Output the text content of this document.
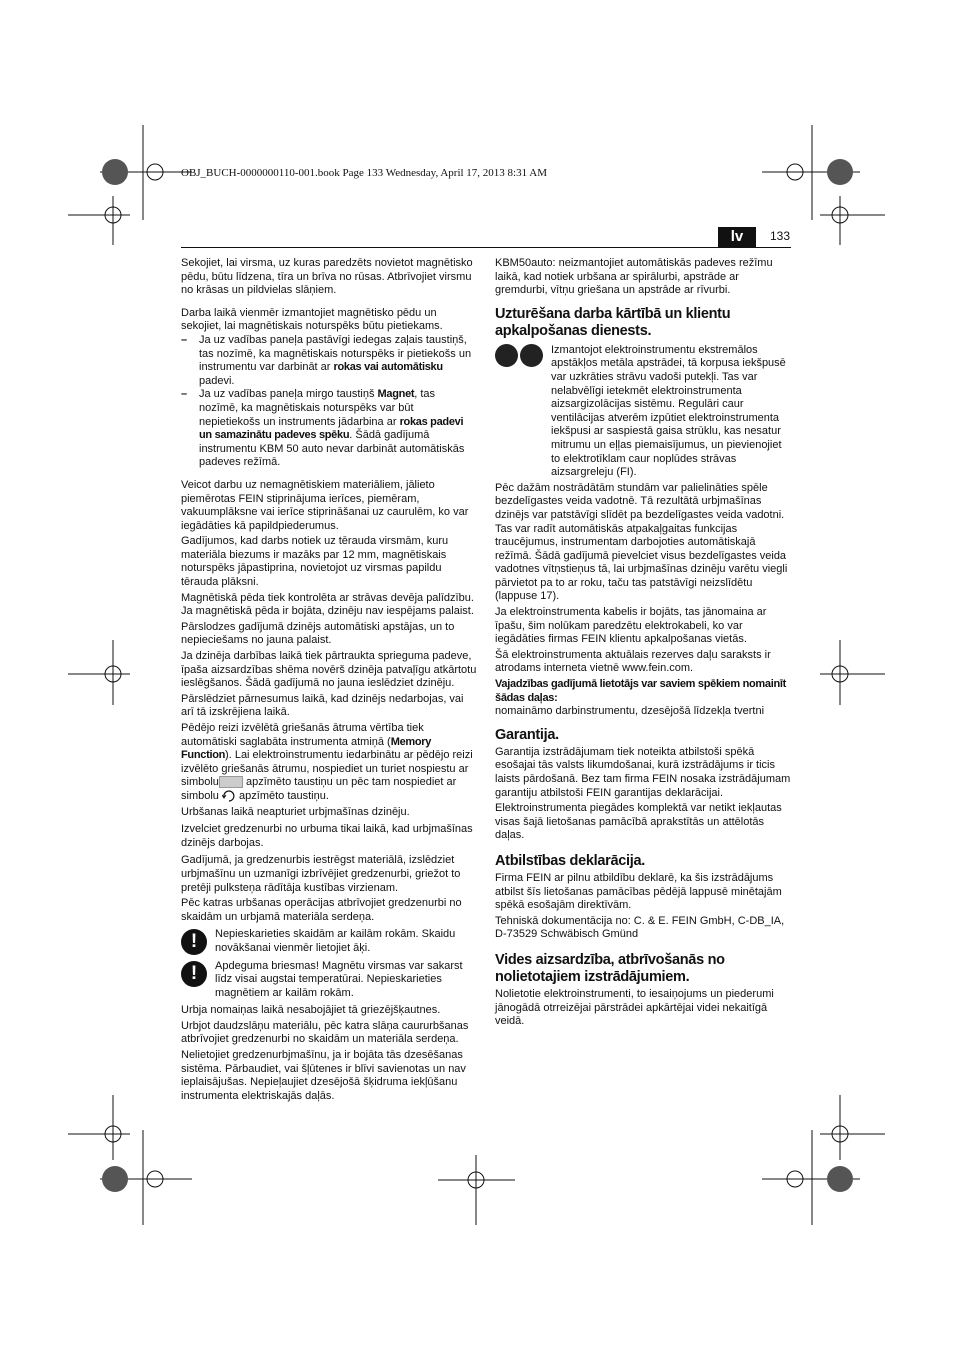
OBJ_BUCH-0000000110-001.book Page 133 Wednesday, April 17, 2013 8:31 AM
lv	133

Sekojiet, lai virsma, uz kuras paredzēts novietot magnētisko pēdu, būtu līdzena, tīra un brīva no rūsas. Atbrīvojiet virsmu no krāsas un pildvielas slāņiem.

Darba laikā vienmēr izmantojiet magnētisko pēdu un sekojiet, lai magnētiskais noturspēks būtu pietiekams.

– Ja uz vadības paneļa pastāvīgi iedegas zaļais taustiņš, tas nozīmē, ka magnētiskais noturspēks ir pietiekošs un instrumentu var darbināt ar rokas vai automātisku padevi.

– Ja uz vadības paneļa mirgo taustiņš Magnet, tas nozīmē, ka magnētiskais noturspēks var būt nepietiekošs un instruments jādarbina ar rokas padevi un samazinātu padeves spēku. Šādā gadījumā instrumentu KBM 50 auto nevar darbināt automātiskās padeves režīmā.

Veicot darbu uz nemagnētiskiem materiāliem, jālieto piemērotas FEIN stiprinājuma ierīces, piemēram, vakuumplāksne vai ierīce stiprināšanai uz caurulēm, ko var iegādāties kā papildpiederumus.

Gadījumos, kad darbs notiek uz tērauda virsmām, kuru materiāla biezums ir mazāks par 12 mm, magnētiskais noturspēks jāpastiprina, novietojot uz virsmas papildu tērauda plāksni.

Magnētiskā pēda tiek kontrolēta ar strāvas devēja palīdzību. Ja magnētiskā pēda ir bojāta, dzinēju nav iespējams palaist.

Pārslodzes gadījumā dzinējs automātiski apstājas, un to nepieciešams no jauna palaist.

Ja dzinēja darbības laikā tiek pārtraukta sprieguma padeve, īpaša aizsardzības shēma novērš dzinēja patvaļīgu atkārtotu ieslēgšanos. Šādā gadījumā no jauna ieslēdziet dzinēju.

Pārslēdziet pārnesumus laikā, kad dzinējs nedarbojas, vai arī tā izskrējiena laikā.

Pēdējo reizi izvēlētā griešanās ātruma vērtība tiek automātiski saglabāta instrumenta atmiņā (Memory Function). Lai elektroinstrumentu iedarbinātu ar pēdējo reizi izvēlēto griešanās ātrumu, nospiediet un turiet nospiestu ar simbolu apzīmēto taustiņu un pēc tam nospiediet ar simbolu  apzīmēto taustiņu.

Urbšanas laikā neapturiet urbjmašīnas dzinēju.

Izvelciet gredzenurbi no urbuma tikai laikā, kad urbjmašīnas dzinējs darbojas.

Gadījumā, ja gredzenurbis iestrēgst materiālā, izslēdziet urbjmašīnu un uzmanīgi izbrīvējiet gredzenurbi, griežot to pretēji pulksteņa rādītāja kustības virzienam.

Pēc katras urbšanas operācijas atbrīvojiet gredzenurbi no skaidām un urbjamā materiāla serdeņa.

!	Nepieskarieties skaidām ar kailām rokām. Skaidu novākšanai vienmēr lietojiet āķi.

!	Apdeguma briesmas! Magnētu virsmas var sakarst līdz visai augstai temperatūrai. Nepieskarieties magnētiem ar kailām rokām.

Urbja nomaiņas laikā nesabojājiet tā griezējšķautnes.

Urbjot daudzslāņu materiālu, pēc katra slāņa caururbšanas atbrīvojiet gredzenurbi no skaidām un materiāla serdeņa.

Nelietojiet gredzenurbjmašīnu, ja ir bojāta tās dzesēšanas sistēma. Pārbaudiet, vai šļūtenes ir blīvi savienotas un nav ieplaisājušas. Nepieļaujiet dzesējošā šķidruma iekļūšanu instrumenta elektriskajās daļās.

KBM50auto: neizmantojiet automātiskās padeves režīmu laikā, kad notiek urbšana ar spirālurbi, apstrāde ar gremdurbi, vītņu griešana un apstrāde ar rīvurbi.

Uzturēšana darba kārtībā un klientu apkalpošanas dienests.

Izmantojot elektroinstrumentu ekstremālos apstākļos metāla apstrādei, tā korpusa iekšpusē var uzkrāties strāvu vadoši putekļi. Tas var nelabvēlīgi ietekmēt elektroinstrumenta aizsargizolācijas sistēmu. Regulāri caur ventilācijas atverēm izpūtiet elektroinstrumenta iekšpusi ar saspiestā gaisa strūklu, kas nesatur mitrumu un eļļas piemaisījumus, un pievienojiet to elektrotīklam caur noplūdes strāvas aizsargreleju (FI).

Pēc dažām nostrādātām stundām var palielināties spēle bezdelīgastes veida vadotnē. Tā rezultātā urbjmašīnas dzinējs var patstāvīgi slīdēt pa bezdelīgastes veida vadotni. Tas var radīt automātiskās atpakaļgaitas funkcijas traucējumus, instrumentam darbojoties automātiskajā režīmā. Šādā gadījumā pievelciet visus bezdelīgastes veida vadotnes vītņstieņus tā, lai urbjmašīnas dzinēju varētu viegli pārvietot pa to ar roku, taču tas patstāvīgi neizslīdētu (lappuse 17).

Ja elektroinstrumenta kabelis ir bojāts, tas jānomaina ar īpašu, šim nolūkam paredzētu elektrokabeli, ko var iegādāties firmas FEIN klientu apkalpošanas vietās.

Šā elektroinstrumenta aktuālais rezerves daļu saraksts ir atrodams interneta vietnē www.fein.com.

Vajadzības gadījumā lietotājs var saviem spēkiem nomainīt šādas daļas:

nomaināmo darbinstrumentu, dzesējošā līdzekļa tvertni

Garantija.

Garantija izstrādājumam tiek noteikta atbilstoši spēkā esošajai tās valsts likumdošanai, kurā izstrādājums ir ticis laists pārdošanā. Bez tam firma FEIN nosaka izstrādājumam garantiju atbilstoši FEIN garantijas deklarācijai.

Elektroinstrumenta piegādes komplektā var netikt iekļautas visas šajā lietošanas pamācībā aprakstītās un attēlotās daļas.

Atbilstības deklarācija.

Firma FEIN ar pilnu atbildību deklarē, ka šis izstrādājums atbilst šīs lietošanas pamācības pēdējā lappusē minētajām spēkā esošajām direktīvām.

Tehniskā dokumentācija no: C. & E. FEIN GmbH, C-DB_IA, D-73529 Schwäbisch Gmünd

Vides aizsardzība, atbrīvošanās no nolietotajiem izstrādājumiem.

Nolietotie elektroinstrumenti, to iesaiņojums un piederumi jānogādā otrreizējai pārstrādei apkārtējai videi nekaitīgā veidā.
